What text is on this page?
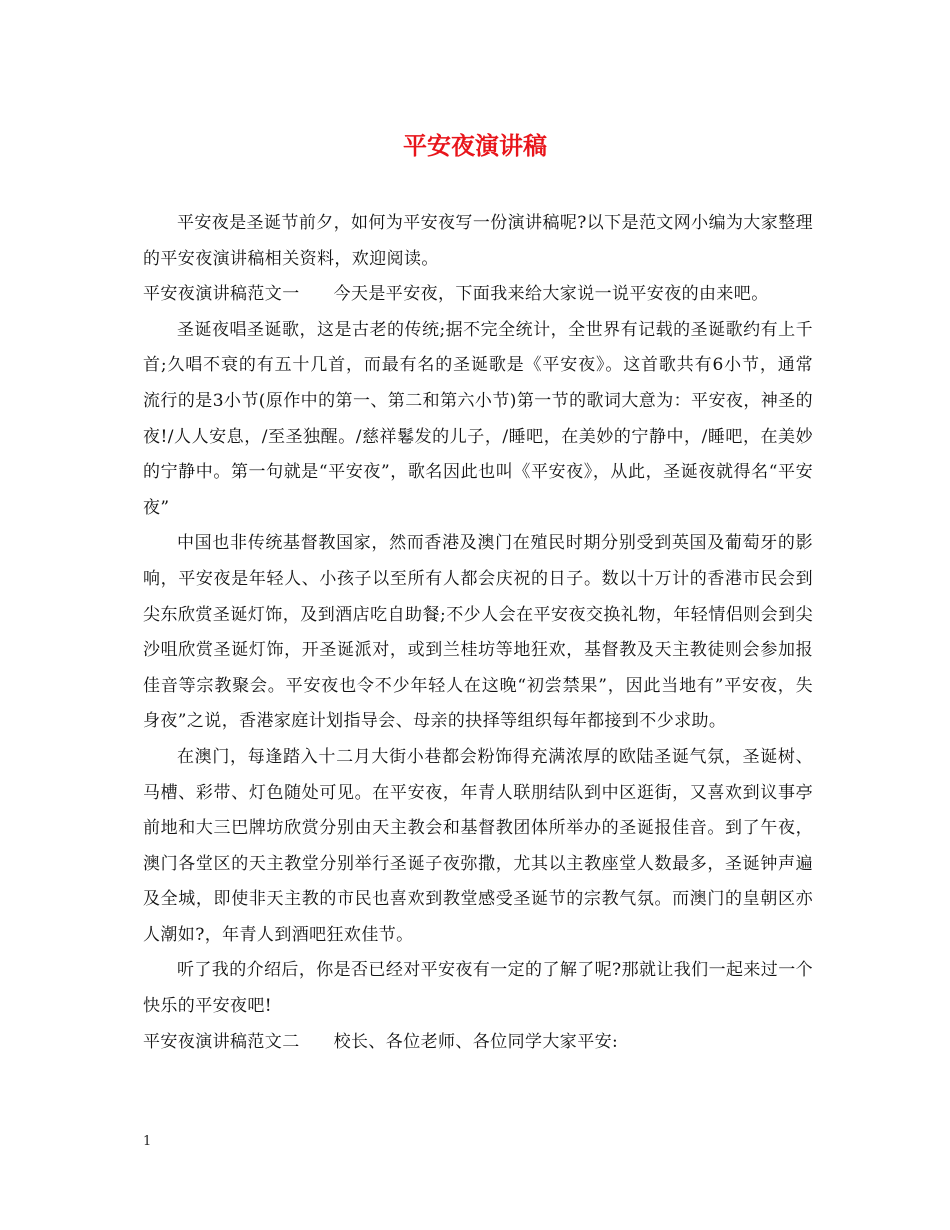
平安夜演讲稿

平安夜是圣诞节前夕，如何为平安夜写一份演讲稿呢?以下是范文网小编为大家整理的平安夜演讲稿相关资料，欢迎阅读。

平安夜演讲稿范文一 今天是平安夜，下面我来给大家说一说平安夜的由来吧。

圣诞夜唱圣诞歌，这是古老的传统;据不完全统计，全世界有记载的圣诞歌约有上千首;久唱不衰的有五十几首，而最有名的圣诞歌是《平安夜》。这首歌共有6小节，通常流行的是3小节(原作中的第一、第二和第六小节)第一节的歌词大意为：平安夜，神圣的夜!/人人安息，/至圣独醒。/慈祥鬈发的儿子，/睡吧，在美妙的宁静中，/睡吧，在美妙的宁静中。第一句就是“平安夜”，歌名因此也叫《平安夜》，从此，圣诞夜就得名“平安夜”

中国也非传统基督教国家，然而香港及澳门在殖民时期分别受到英国及葡萄牙的影响，平安夜是年轻人、小孩子以至所有人都会庆祝的日子。数以十万计的香港市民会到尖东欣赏圣诞灯饰，及到酒店吃自助餐;不少人会在平安夜交换礼物，年轻情侣则会到尖沙咀欣赏圣诞灯饰，开圣诞派对，或到兰桂坊等地狂欢，基督教及天主教徒则会参加报佳音等宗教聚会。平安夜也令不少年轻人在这晚“初尝禁果”，因此当地有”平安夜，失身夜”之说，香港家庭计划指导会、母亲的抉择等组织每年都接到不少求助。

在澳门，每逢踏入十二月大街小巷都会粉饰得充满浓厚的欧陆圣诞气氛，圣诞树、马槽、彩带、灯色随处可见。在平安夜，年青人联朋结队到中区逛街，又喜欢到议事亭前地和大三巴牌坊欣赏分别由天主教会和基督教团体所举办的圣诞报佳音。到了午夜，澳门各堂区的天主教堂分别举行圣诞子夜弥撒，尤其以主教座堂人数最多，圣诞钟声遍及全城，即使非天主教的市民也喜欢到教堂感受圣诞节的宗教气氛。而澳门的皇朝区亦人潮如?，年青人到酒吧狂欢佳节。

听了我的介绍后，你是否已经对平安夜有一定的了解了呢?那就让我们一起来过一个快乐的平安夜吧!

平安夜演讲稿范文二 校长、各位老师、各位同学大家平安:

1
